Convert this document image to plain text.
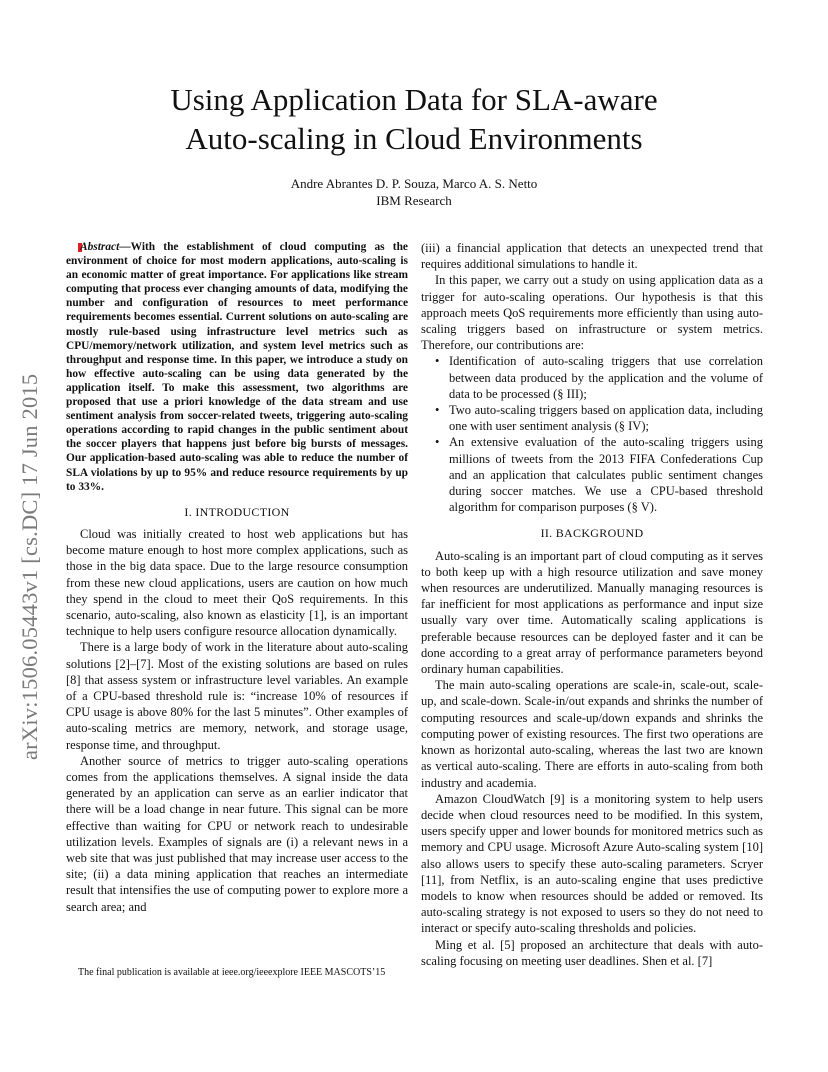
Using Application Data for SLA-aware
Auto-scaling in Cloud Environments
Andre Abrantes D. P. Souza, Marco A. S. Netto
IBM Research
arXiv:1506.05443v1 [cs.DC] 17 Jun 2015

Abstract—With the establishment of cloud computing as the environment of choice for most modern applications, auto-scaling is an economic matter of great importance. For applications like stream computing that process ever changing amounts of data, modifying the number and configuration of resources to meet performance requirements becomes essential. Current solutions on auto-scaling are mostly rule-based using infrastructure level metrics such as CPU/memory/network utilization, and system level metrics such as throughput and response time. In this paper, we introduce a study on how effective auto-scaling can be using data generated by the application itself. To make this assessment, two algorithms are proposed that use a priori knowledge of the data stream and use sentiment analysis from soccer-related tweets, triggering auto-scaling operations according to rapid changes in the public sentiment about the soccer players that happens just before big bursts of messages. Our application-based auto-scaling was able to reduce the number of SLA violations by up to 95% and reduce resource requirements by up to 33%.

I. INTRODUCTION

Cloud was initially created to host web applications but has become mature enough to host more complex applications, such as those in the big data space. Due to the large resource consumption from these new cloud applications, users are caution on how much they spend in the cloud to meet their QoS requirements. In this scenario, auto-scaling, also known as elasticity [1], is an important technique to help users configure resource allocation dynamically.

There is a large body of work in the literature about auto-scaling solutions [2]–[7]. Most of the existing solutions are based on rules [8] that assess system or infrastructure level variables. An example of a CPU-based threshold rule is: “increase 10% of resources if CPU usage is above 80% for the last 5 minutes”. Other examples of auto-scaling metrics are memory, network, and storage usage, response time, and throughput.

Another source of metrics to trigger auto-scaling operations comes from the applications themselves. A signal inside the data generated by an application can serve as an earlier indicator that there will be a load change in near future. This signal can be more effective than waiting for CPU or network reach to undesirable utilization levels. Examples of signals are (i) a relevant news in a web site that was just published that may increase user access to the site; (ii) a data mining application that reaches an intermediate result that intensifies the use of computing power to explore more a search area; and

(iii) a financial application that detects an unexpected trend that requires additional simulations to handle it.

In this paper, we carry out a study on using application data as a trigger for auto-scaling operations. Our hypothesis is that this approach meets QoS requirements more efficiently than using auto-scaling triggers based on infrastructure or system metrics. Therefore, our contributions are:

• Identification of auto-scaling triggers that use correlation between data produced by the application and the volume of data to be processed (§ III);
• Two auto-scaling triggers based on application data, including one with user sentiment analysis (§ IV);
• An extensive evaluation of the auto-scaling triggers using millions of tweets from the 2013 FIFA Confederations Cup and an application that calculates public sentiment changes during soccer matches. We use a CPU-based threshold algorithm for comparison purposes (§ V).
II. BACKGROUND

Auto-scaling is an important part of cloud computing as it serves to both keep up with a high resource utilization and save money when resources are underutilized. Manually managing resources is far inefficient for most applications as performance and input size usually vary over time. Automatically scaling applications is preferable because resources can be deployed faster and it can be done according to a great array of performance parameters beyond ordinary human capabilities.

The main auto-scaling operations are scale-in, scale-out, scale-up, and scale-down. Scale-in/out expands and shrinks the number of computing resources and scale-up/down expands and shrinks the computing power of existing resources. The first two operations are known as horizontal auto-scaling, whereas the last two are known as vertical auto-scaling. There are efforts in auto-scaling from both industry and academia.

Amazon CloudWatch [9] is a monitoring system to help users decide when cloud resources need to be modified. In this system, users specify upper and lower bounds for monitored metrics such as memory and CPU usage. Microsoft Azure Auto-scaling system [10] also allows users to specify these auto-scaling parameters. Scryer [11], from Netflix, is an auto-scaling engine that uses predictive models to know when resources should be added or removed. Its auto-scaling strategy is not exposed to users so they do not need to interact or specify auto-scaling thresholds and policies.

Ming et al. [5] proposed an architecture that deals with auto-scaling focusing on meeting user deadlines. Shen et al. [7]

The final publication is available at ieee.org/ieeexplore IEEE MASCOTS’15
